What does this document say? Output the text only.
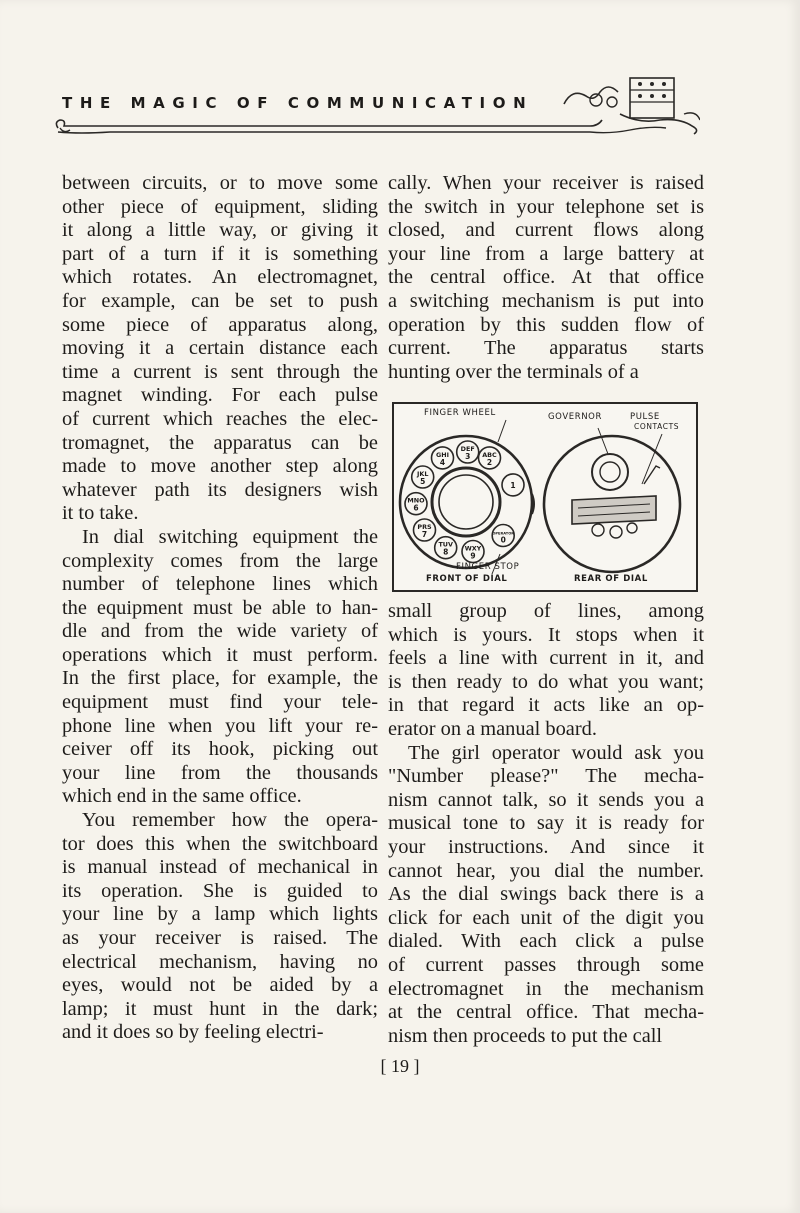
THE MAGIC OF COMMUNICATION
between circuits, or to move some
other piece of equipment, sliding
it along a little way, or giving it
part of a turn if it is something
which rotates. An electromagnet,
for example, can be set to push
some piece of apparatus along,
moving it a certain distance each
time a current is sent through the
magnet winding. For each pulse
of current which reaches the elec-
tromagnet, the apparatus can be
made to move another step along
whatever path its designers wish
it to take.
In dial switching equipment the
complexity comes from the large
number of telephone lines which
the equipment must be able to han-
dle and from the wide variety of
operations which it must perform.
In the first place, for example, the
equipment must find your tele-
phone line when you lift your re-
ceiver off its hook, picking out
your line from the thousands
which end in the same office.
You remember how the opera-
tor does this when the switchboard
is manual instead of mechanical in
its operation. She is guided to
your line by a lamp which lights
as your receiver is raised. The
electrical mechanism, having no
eyes, would not be aided by a
lamp; it must hunt in the dark;
and it does so by feeling electri-
cally. When your receiver is raised
the switch in your telephone set is
closed, and current flows along
your line from a large battery at
the central office. At that office
a switching mechanism is put into
operation by this sudden flow of
current. The apparatus starts
hunting over the terminals of a
ABC
2
DEF
3
GHI
4
JKL
5
MNO
6
PRS
7
TUV
8	WXY
9
OPERATOR
0
1
FINGER WHEEL	GOVERNOR	PULSE
CONTACTS
FINGER STOP
FRONT OF DIAL	REAR OF DIAL
small group of lines, among
which is yours. It stops when it
feels a line with current in it, and
is then ready to do what you want;
in that regard it acts like an op-
erator on a manual board.
The girl operator would ask you
"Number please?" The mecha-
nism cannot talk, so it sends you a
musical tone to say it is ready for
your instructions. And since it
cannot hear, you dial the number.
As the dial swings back there is a
click for each unit of the digit you
dialed. With each click a pulse
of current passes through some
electromagnet in the mechanism
at the central office. That mecha-
nism then proceeds to put the call
[ 19 ]
